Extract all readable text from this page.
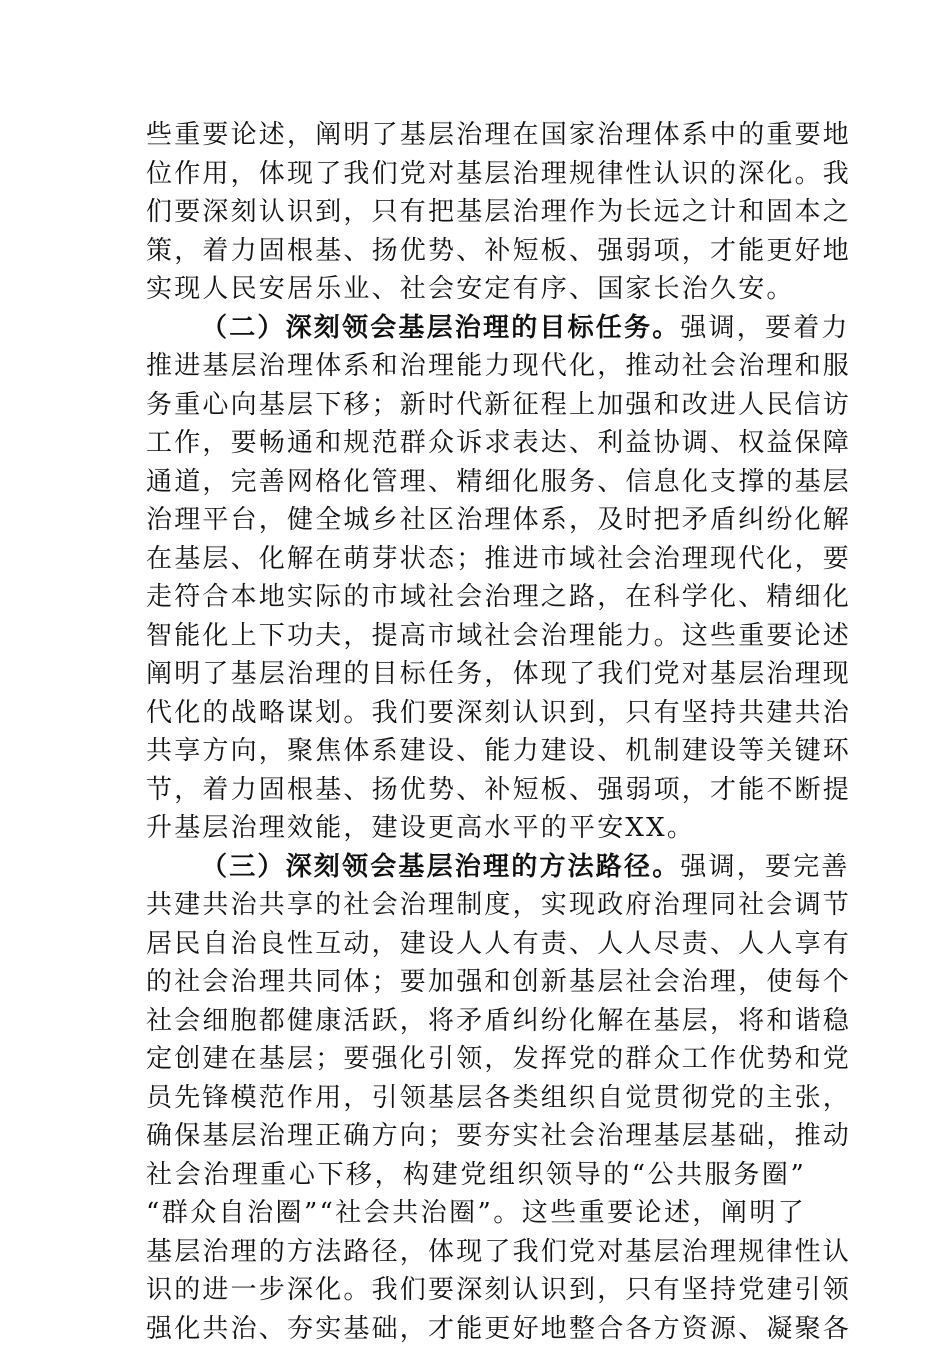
些重要论述，阐明了基层治理在国家治理体系中的重要地
位作用，体现了我们党对基层治理规律性认识的深化。我
们要深刻认识到，只有把基层治理作为长远之计和固本之
策，着力固根基、扬优势、补短板、强弱项，才能更好地
实现人民安居乐业、社会安定有序、国家长治久安。
（二）深刻领会基层治理的目标任务。强调，要着力
推进基层治理体系和治理能力现代化，推动社会治理和服
务重心向基层下移；新时代新征程上加强和改进人民信访
工作，要畅通和规范群众诉求表达、利益协调、权益保障
通道，完善网格化管理、精细化服务、信息化支撑的基层
治理平台，健全城乡社区治理体系，及时把矛盾纠纷化解
在基层、化解在萌芽状态；推进市域社会治理现代化，要
走符合本地实际的市域社会治理之路，在科学化、精细化
智能化上下功夫，提高市域社会治理能力。这些重要论述
阐明了基层治理的目标任务，体现了我们党对基层治理现
代化的战略谋划。我们要深刻认识到，只有坚持共建共治
共享方向，聚焦体系建设、能力建设、机制建设等关键环
节，着力固根基、扬优势、补短板、强弱项，才能不断提
升基层治理效能，建设更高水平的平安XX。
（三）深刻领会基层治理的方法路径。强调，要完善
共建共治共享的社会治理制度，实现政府治理同社会调节
居民自治良性互动，建设人人有责、人人尽责、人人享有
的社会治理共同体；要加强和创新基层社会治理，使每个
社会细胞都健康活跃，将矛盾纠纷化解在基层，将和谐稳
定创建在基层；要强化引领，发挥党的群众工作优势和党
员先锋模范作用，引领基层各类组织自觉贯彻党的主张，
确保基层治理正确方向；要夯实社会治理基层基础，推动
社会治理重心下移，构建党组织领导的“公共服务圈”
“群众自治圈”“社会共治圈”。这些重要论述，阐明了
基层治理的方法路径，体现了我们党对基层治理规律性认
识的进一步深化。我们要深刻认识到，只有坚持党建引领
强化共治、夯实基础，才能更好地整合各方资源、凝聚各
